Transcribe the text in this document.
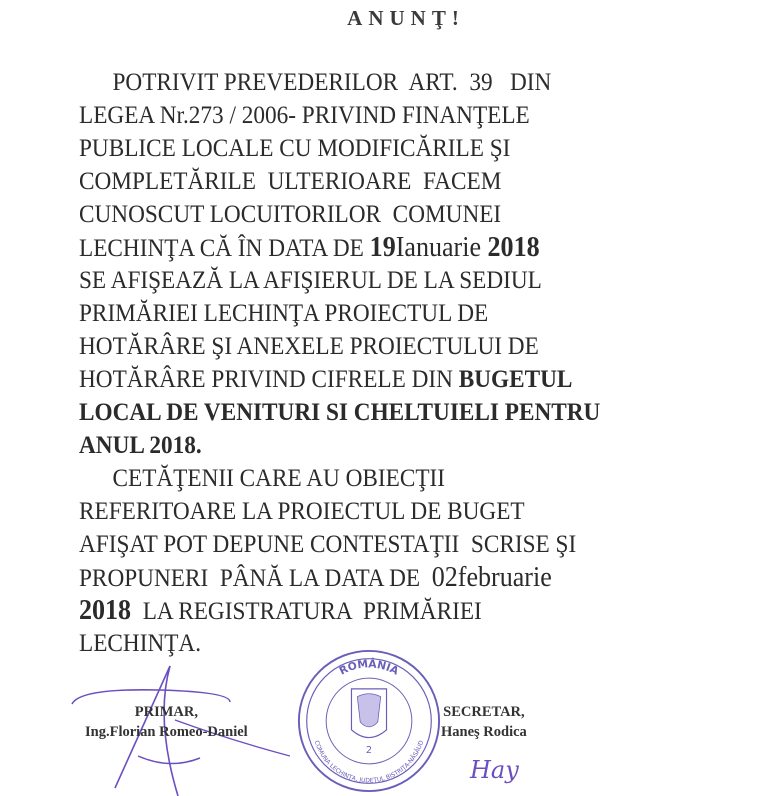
ANUNŢ!
POTRIVIT PREVEDERILOR  ART.  39   DIN
LEGEA Nr.273 / 2006- PRIVIND FINANŢELE
PUBLICE LOCALE CU MODIFICĂRILE ŞI
COMPLETĂRILE  ULTERIOARE  FACEM
CUNOSCUT LOCUITORILOR  COMUNEI
LECHINŢA CĂ ÎN DATA DE 19Ianuarie 2018
SE AFIŞEAZĂ LA AFIŞIERUL DE LA SEDIUL
PRIMĂRIEI LECHINŢA PROIECTUL DE
HOTĂRÂRE ŞI ANEXELE PROIECTULUI DE
HOTĂRÂRE PRIVIND CIFRELE DIN BUGETUL
LOCAL DE VENITURI SI CHELTUIELI PENTRU
ANUL 2018.
CETĂŢENII CARE AU OBIECŢII
REFERITOARE LA PROIECTUL DE BUGET
AFIŞAT POT DEPUNE CONTESTAŢII  SCRISE ŞI
PROPUNERI  PÂNĂ LA DATA DE  02februarie
2018  LA REGISTRATURA  PRIMĂRIEI
LECHINŢA.
PRIMAR,
Ing.Florian Romeo-Daniel
ROMÂNIA
COMUNA LECHINŢA, JUDEŢUL BISTRIŢA-NĂSĂUD
2
SECRETAR,
Haneş Rodica
Hay
